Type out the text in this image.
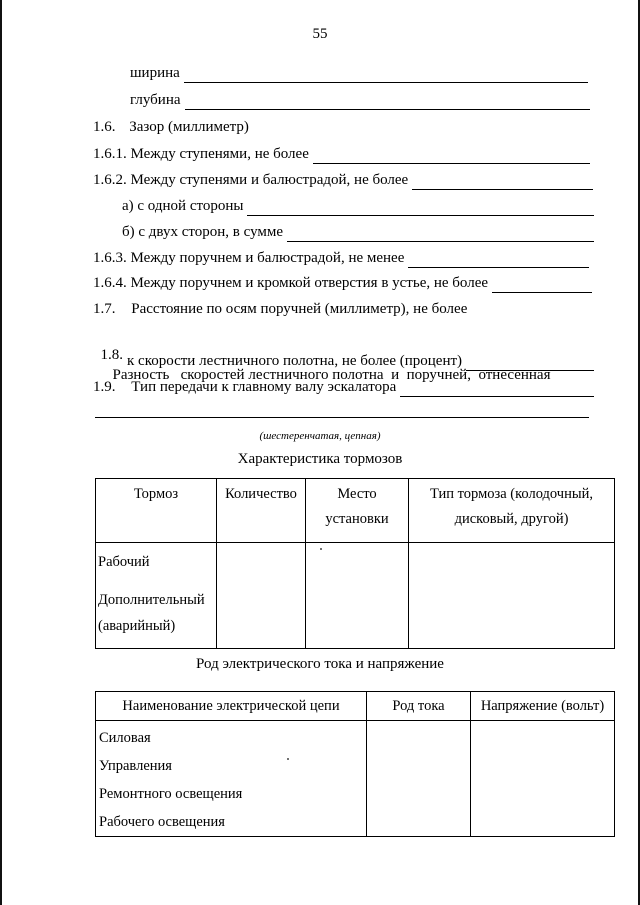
55
ширина
глубина
1.6. Зазор (миллиметр)
1.6.1. Между ступенями, не более
1.6.2. Между ступенями и балюстрадой, не более
а) с одной стороны
б) с двух сторон, в сумме
1.6.3. Между поручнем и балюстрадой, не менее
1.6.4. Между поручнем и кромкой отверстия в устье, не более
1.7. Расстояние по осям поручней (миллиметр), не более

1.8.
Разность   скоростей лестничного полотна  и  поручней,  отнесенная

к скорости лестничного полотна, не более (процент)
1.9. Тип передачи к главному валу эскалатора
(шестеренчатая, цепная)
Характеристика тормозов
Тормоз	Количество	Место установки	Тип тормоза (колодочный, дисковый, другой)

Рабочий
Дополнительный (аварийный)			

Род электрического тока и напряжение
Наименование электрической цепи	Род тока	Напряжение (вольт)

Силовая
Управления
Ремонтного освещения
Рабочего освещения		
